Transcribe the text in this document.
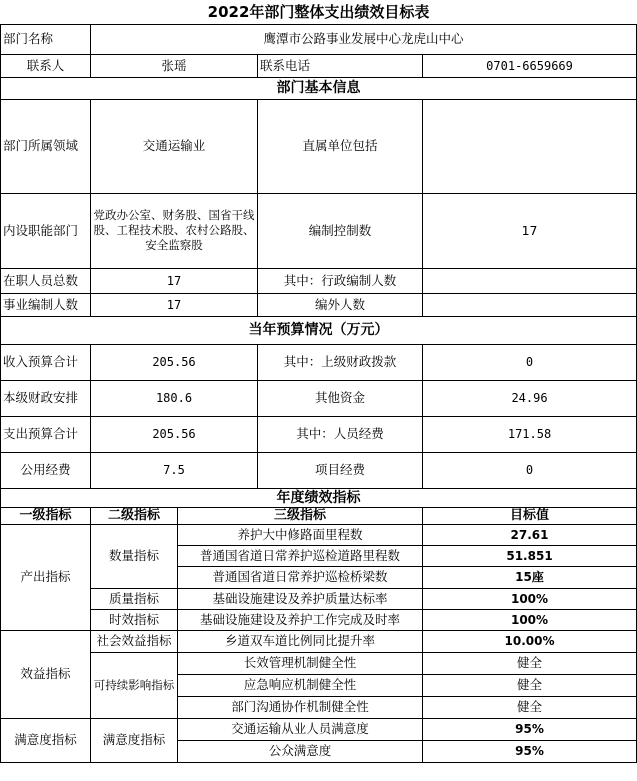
2022年部门整体支出绩效目标表				
部门名称	鹰潭市公路事业发展中心龙虎山中心			
联系人	张瑶		联系电话	0701-6659669
部门基本信息				
部门所属领域	交通运输业		直属单位包括	
内设职能部门	党政办公室、财务股、国省干线股、工程技术股、农村公路股、安全监察股		编制控制数	17
在职人员总数	17		其中：行政编制人数	
事业编制人数	17		编外人数	
当年预算情况（万元）				
收入预算合计	205.56		其中：上级财政拨款	0
本级财政安排	180.6		其他资金	24.96
支出预算合计	205.56		其中：人员经费	171.58
公用经费	7.5		项目经费	0
年度绩效指标				
一级指标	二级指标	三级指标		目标值
产出指标	数量指标	养护大中修路面里程数		27.61
		普通国省道日常养护巡检道路里程数		51.851
		普通国省道日常养护巡检桥梁数		15座
	质量指标	基础设施建设及养护质量达标率		100%
	时效指标	基础设施建设及养护工作完成及时率		100%
效益指标	社会效益指标	乡道双车道比例同比提升率		10.00%
	可持续影响指标	长效管理机制健全性		健全
		应急响应机制健全性		健全
		部门沟通协作机制健全性		健全
满意度指标	满意度指标	交通运输从业人员满意度		95%
		公众满意度		95%
